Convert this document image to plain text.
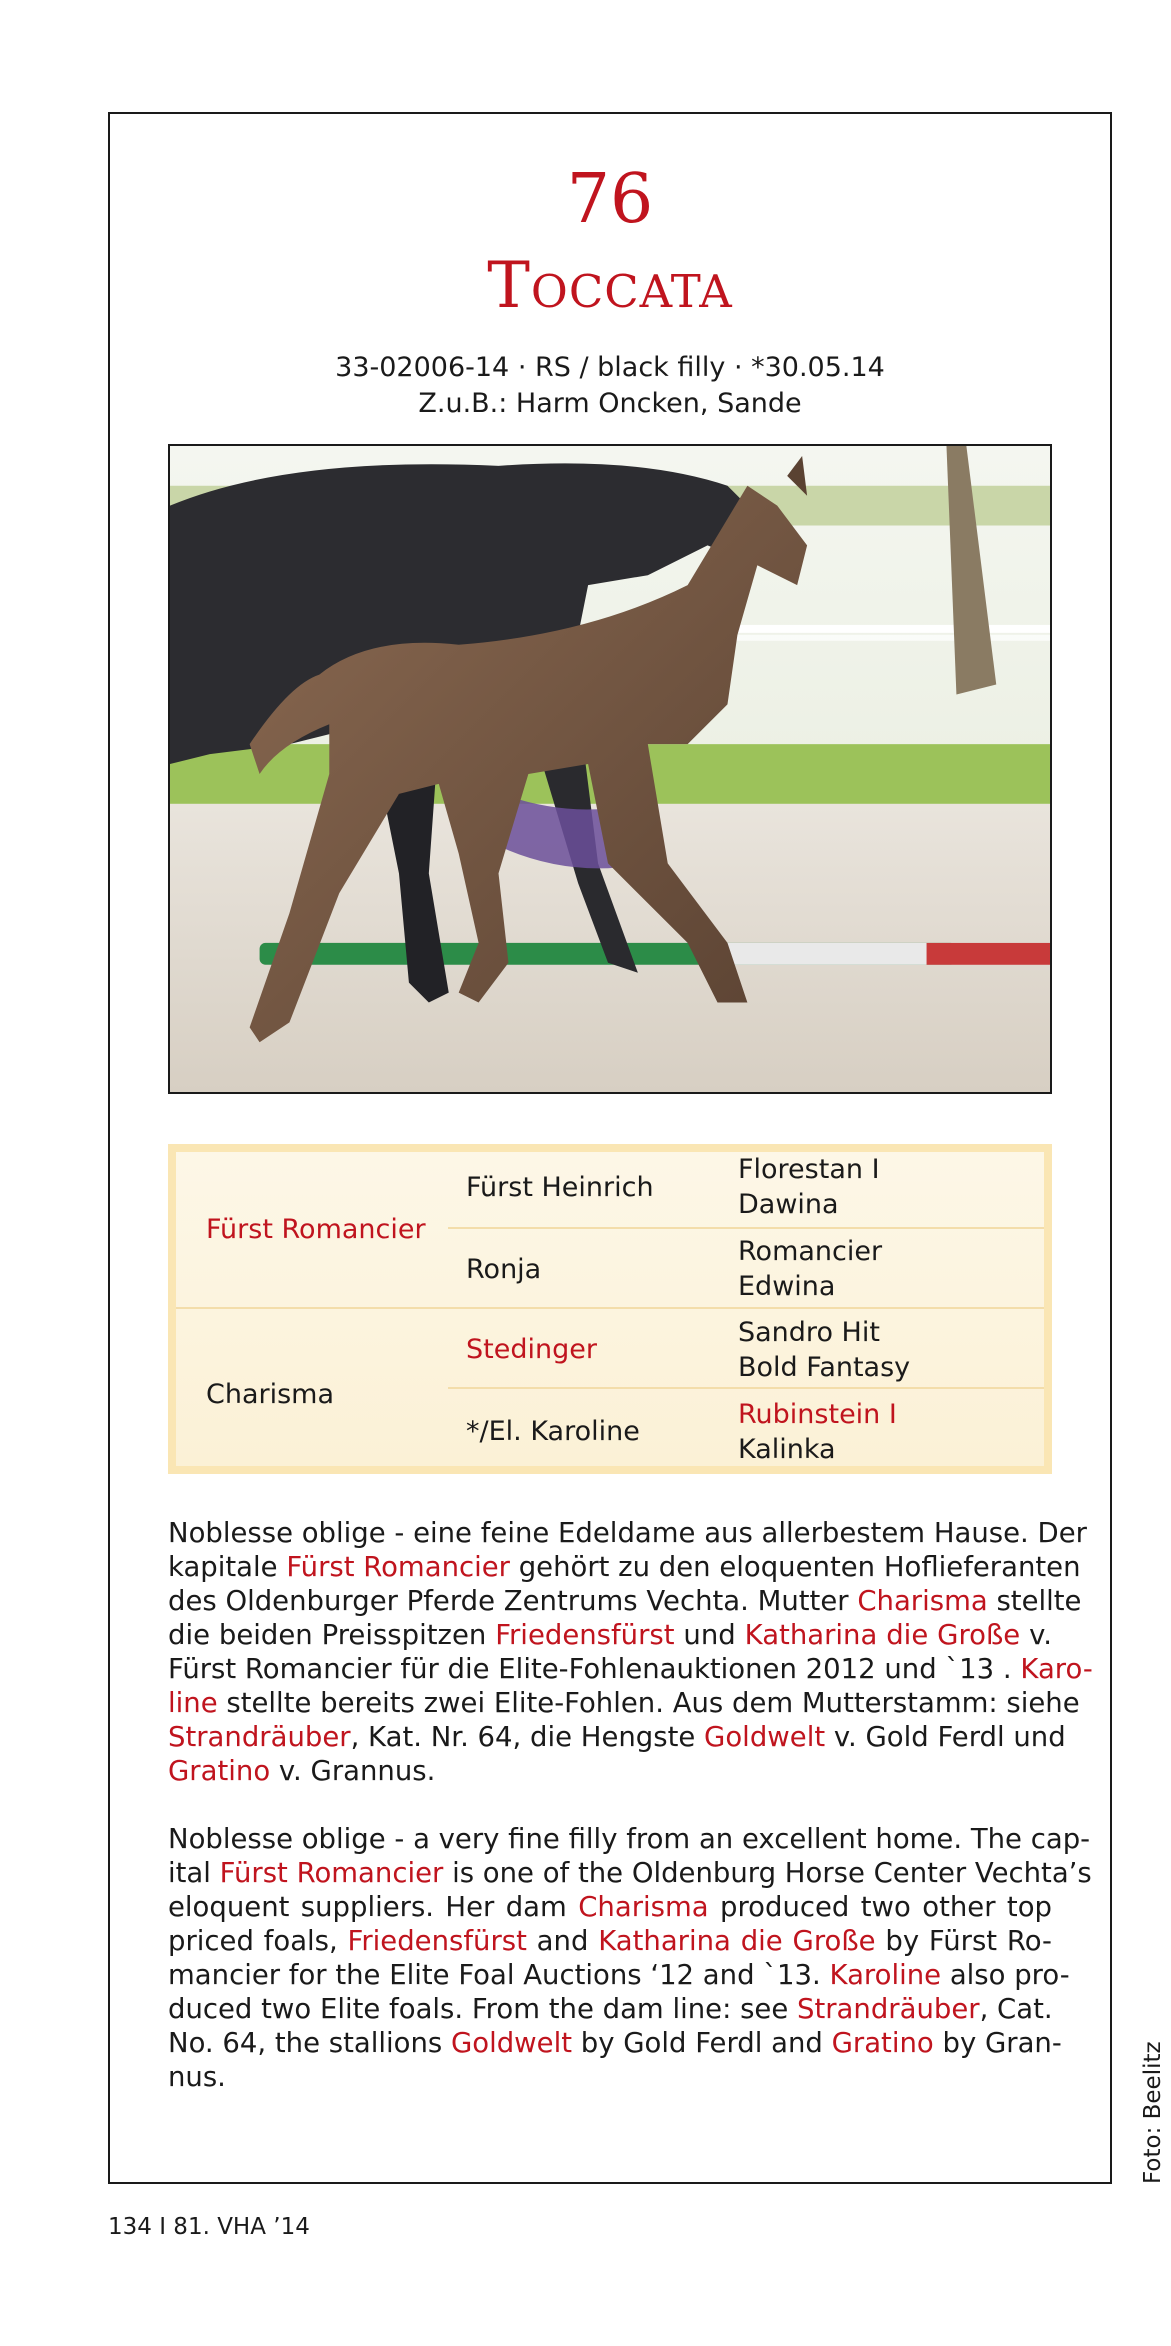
76
Toccata
33-02006-14 · RS / black filly · *30.05.14
Z.u.B.: Harm Oncken, Sande
Fürst Romancier
Fürst Heinrich
Florestan I
Dawina
Ronja
Romancier
Edwina
Charisma
Stedinger
Sandro Hit
Bold Fantasy
*/El. Karoline
Rubinstein I
Kalinka
Noblesse oblige - eine feine Edeldame aus allerbestem Hause. Der
kapitale Fürst Romancier gehört zu den eloquenten Hoflieferanten
des Oldenburger Pferde Zentrums Vechta. Mutter Charisma stellte
die beiden Preisspitzen Friedensfürst und Katharina die Große v.
Fürst Romancier für die Elite-Fohlenauktionen 2012 und `13 . Karo-
line stellte bereits zwei Elite-Fohlen. Aus dem Mutterstamm: siehe
Strandräuber, Kat. Nr. 64, die Hengste Goldwelt v. Gold Ferdl und
Gratino v. Grannus.
Noblesse oblige - a very fine filly from an excellent home. The cap-
ital Fürst Romancier is one of the Oldenburg Horse Center Vechta’s
eloquent suppliers. Her dam Charisma produced two other top
priced foals, Friedensfürst and Katharina die Große by Fürst Ro-
mancier for the Elite Foal Auctions ‘12 and `13. Karoline also pro-
duced two Elite foals. From the dam line: see Strandräuber, Cat.
No. 64, the stallions Goldwelt by Gold Ferdl and Gratino by Gran-
nus.
134 I 81. VHA ’14
Foto: Beelitz
